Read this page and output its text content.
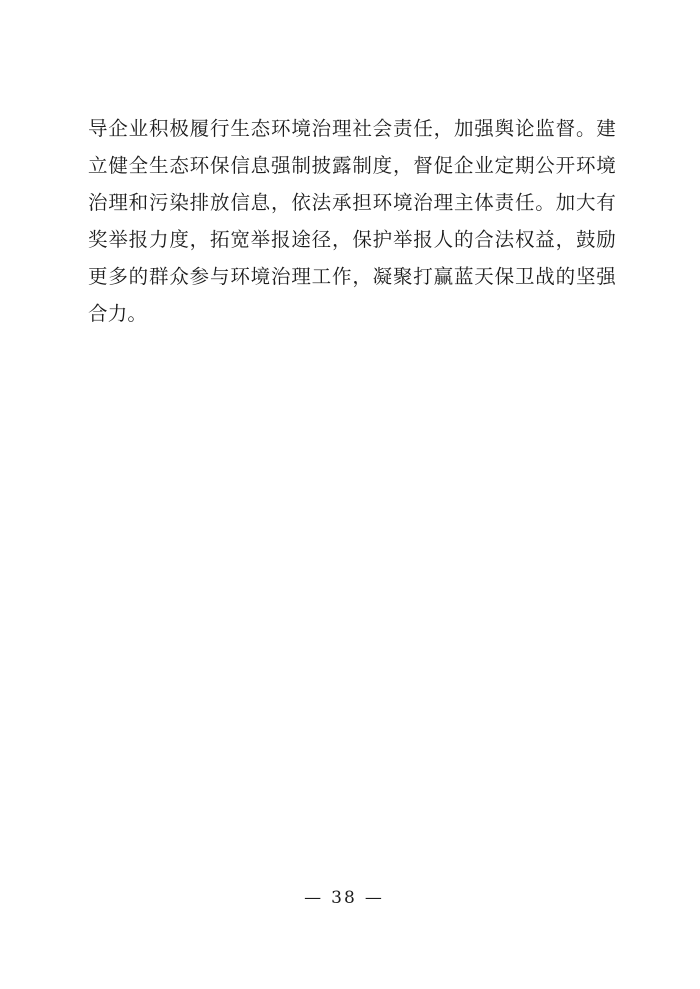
导企业积极履行生态环境治理社会责任，加强舆论监督。建立健全生态环保信息强制披露制度，督促企业定期公开环境治理和污染排放信息，依法承担环境治理主体责任。加大有奖举报力度，拓宽举报途径，保护举报人的合法权益，鼓励更多的群众参与环境治理工作，凝聚打赢蓝天保卫战的坚强合力。
— 38 —
